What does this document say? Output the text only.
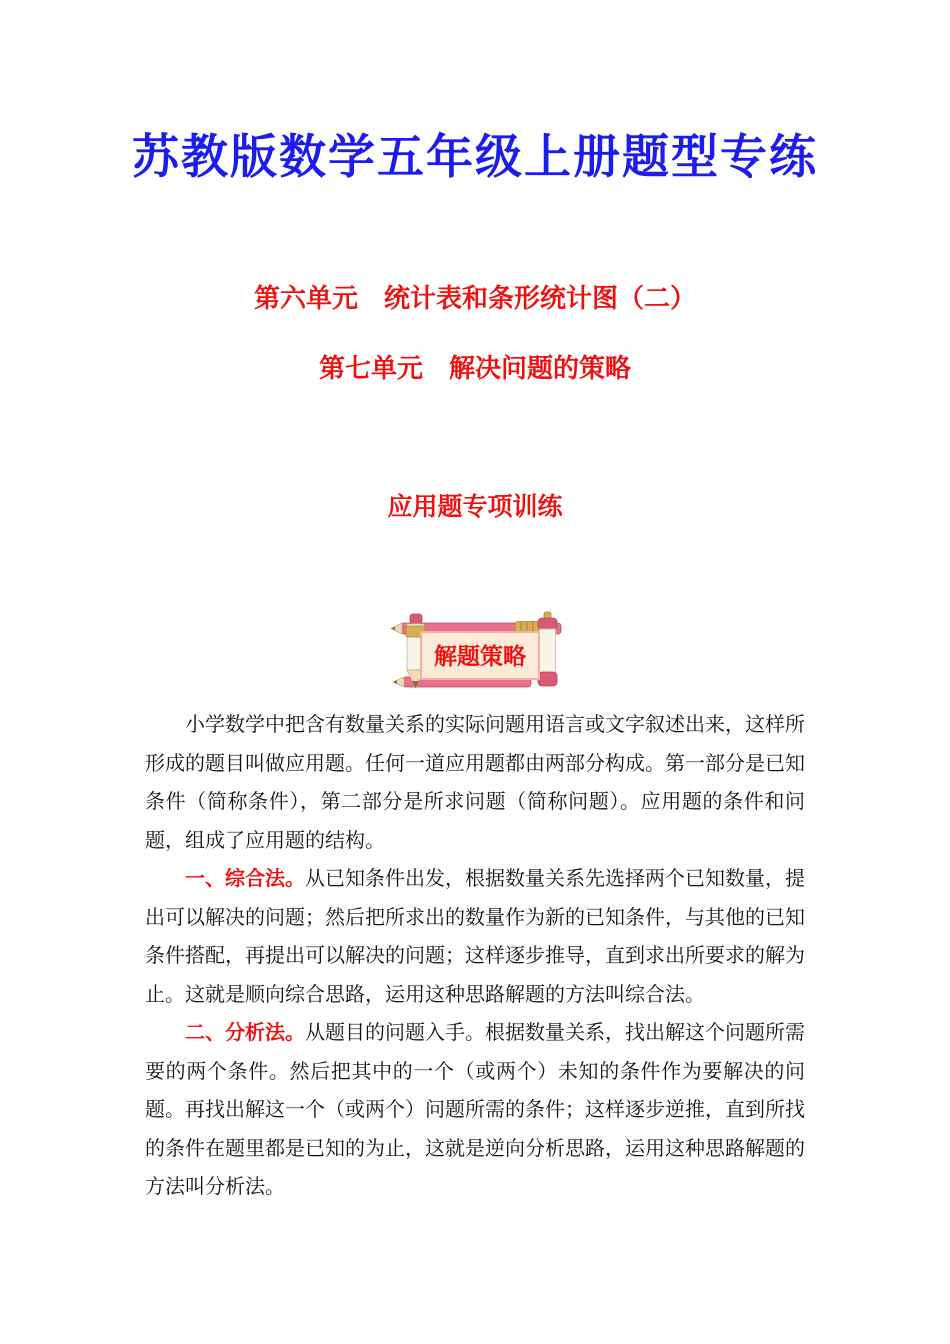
苏教版数学五年级上册题型专练
第六单元　统计表和条形统计图（二）
第七单元　解决问题的策略
应用题专项训练
解题策略

小学数学中把含有数量关系的实际问题用语言或文字叙述出来，这样所形成的题目叫做应用题。任何一道应用题都由两部分构成。第一部分是已知条件（简称条件），第二部分是所求问题（简称问题）。应用题的条件和问题，组成了应用题的结构。

一、综合法。从已知条件出发，根据数量关系先选择两个已知数量，提出可以解决的问题；然后把所求出的数量作为新的已知条件，与其他的已知条件搭配，再提出可以解决的问题；这样逐步推导，直到求出所要求的解为止。这就是顺向综合思路，运用这种思路解题的方法叫综合法。

二、分析法。从题目的问题入手。根据数量关系，找出解这个问题所需要的两个条件。然后把其中的一个（或两个）未知的条件作为要解决的问题。再找出解这一个（或两个）问题所需的条件；这样逐步逆推，直到所找的条件在题里都是已知的为止，这就是逆向分析思路，运用这种思路解题的方法叫分析法。
